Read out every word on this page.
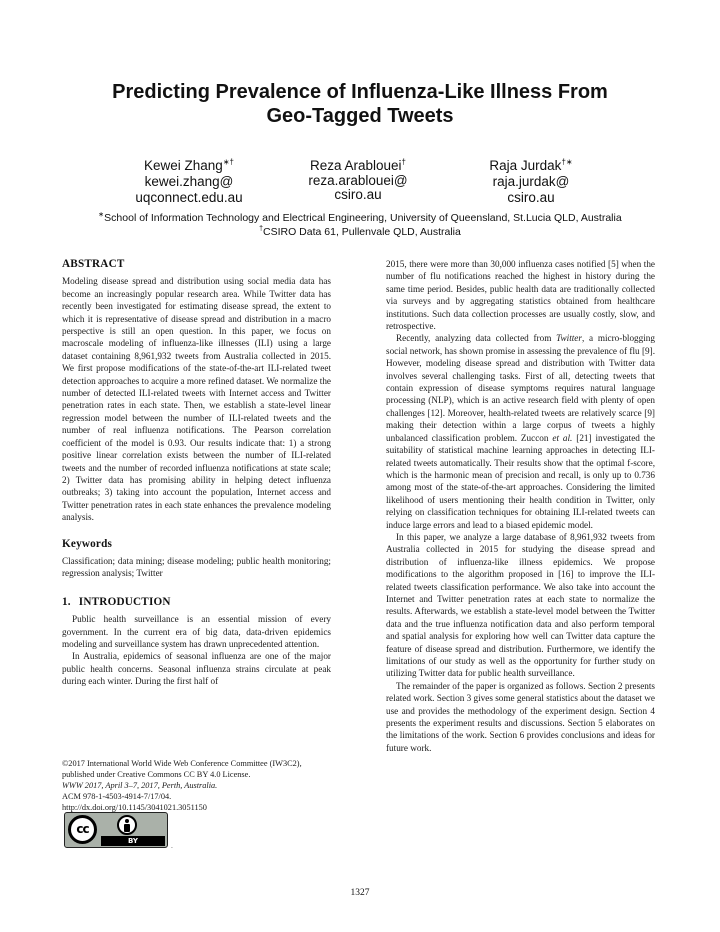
Predicting Prevalence of Influenza-Like Illness From
Geo-Tagged Tweets
Kewei Zhang∗†
kewei.zhang@
uqconnect.edu.au
Reza Arablouei†
reza.arablouei@
csiro.au
Raja Jurdak†∗
raja.jurdak@
csiro.au
∗School of Information Technology and Electrical Engineering, University of Queensland, St.Lucia QLD, Australia
†CSIRO Data 61, Pullenvale QLD, Australia
ABSTRACT

Modeling disease spread and distribution using social media data has become an increasingly popular research area. While Twitter data has recently been investigated for estimating disease spread, the extent to which it is representative of disease spread and distribution in a macro perspective is still an open question. In this paper, we focus on macroscale modeling of influenza-like illnesses (ILI) using a large dataset containing 8,961,932 tweets from Australia collected in 2015. We first propose modifications of the state-of-the-art ILI-related tweet detection approaches to acquire a more refined dataset. We normalize the number of detected ILI-related tweets with Internet access and Twitter penetration rates in each state. Then, we establish a state-level linear regression model between the number of ILI-related tweets and the number of real influenza notifications. The Pearson correlation coefficient of the model is 0.93. Our results indicate that: 1) a strong positive linear correlation exists between the number of ILI-related tweets and the number of recorded influenza notifications at state scale; 2) Twitter data has promising ability in helping detect influenza outbreaks; 3) taking into account the population, Internet access and Twitter penetration rates in each state enhances the prevalence modeling analysis.

Keywords

Classification; data mining; disease modeling; public health monitoring; regression analysis; Twitter

1. INTRODUCTION

Public health surveillance is an essential mission of every government. In the current era of big data, data-driven epidemics modeling and surveillance system has drawn unprecedented attention.

In Australia, epidemics of seasonal influenza are one of the major public health concerns. Seasonal influenza strains circulate at peak during each winter. During the first half of

©2017 International World Wide Web Conference Committee (IW3C2),
published under Creative Commons CC BY 4.0 License.
WWW 2017, April 3–7, 2017, Perth, Australia.
ACM 978-1-4503-4914-7/17/04.
http://dx.doi.org/10.1145/3041021.3051150
cc
BY
.

2015, there were more than 30,000 influenza cases notified [5] when the number of flu notifications reached the highest in history during the same time period. Besides, public health data are traditionally collected via surveys and by aggregating statistics obtained from healthcare institutions. Such data collection processes are usually costly, slow, and retrospective.

Recently, analyzing data collected from Twitter, a micro-blogging social network, has shown promise in assessing the prevalence of flu [9]. However, modeling disease spread and distribution with Twitter data involves several challenging tasks. First of all, detecting tweets that contain expression of disease symptoms requires natural language processing (NLP), which is an active research field with plenty of open challenges [12]. Moreover, health-related tweets are relatively scarce [9] making their detection within a large corpus of tweets a highly unbalanced classification problem. Zuccon et al. [21] investigated the suitability of statistical machine learning approaches in detecting ILI-related tweets automatically. Their results show that the optimal f-score, which is the harmonic mean of precision and recall, is only up to 0.736 among most of the state-of-the-art approaches. Considering the limited likelihood of users mentioning their health condition in Twitter, only relying on classification techniques for obtaining ILI-related tweets can induce large errors and lead to a biased epidemic model.

In this paper, we analyze a large database of 8,961,932 tweets from Australia collected in 2015 for studying the disease spread and distribution of influenza-like illness epidemics. We propose modifications to the algorithm proposed in [16] to improve the ILI-related tweets classification performance. We also take into account the Internet and Twitter penetration rates at each state to normalize the results. Afterwards, we establish a state-level model between the Twitter data and the true influenza notification data and also perform temporal and spatial analysis for exploring how well can Twitter data capture the feature of disease spread and distribution. Furthermore, we identify the limitations of our study as well as the opportunity for further study on utilizing Twitter data for public health surveillance.

The remainder of the paper is organized as follows. Section 2 presents related work. Section 3 gives some general statistics about the dataset we use and provides the methodology of the experiment design. Section 4 presents the experiment results and discussions. Section 5 elaborates on the limitations of the work. Section 6 provides conclusions and ideas for future work.

1327
